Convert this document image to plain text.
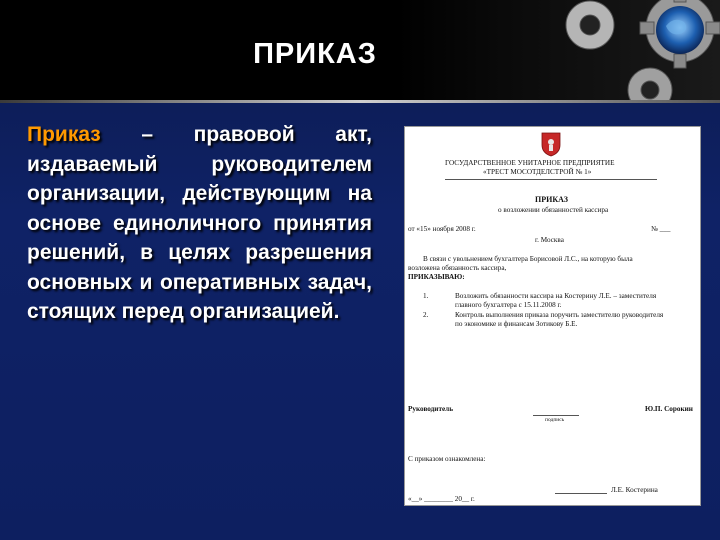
ПРИКАЗ
Приказ – правовой акт, издаваемый руководителем организации, действующим на основе единоличного принятия решений, в целях разрешения основных и оперативных задач, стоящих перед организацией.
ГОСУДАРСТВЕННОЕ УНИТАРНОЕ ПРЕДПРИЯТИЕ
«ТРЕСТ МОСОТДЕЛСТРОЙ № 1»
ПРИКАЗ
о возложении обязанностей кассира
от «15» ноября 2008 г.	№ ___
г. Москва
В связи с увольнением бухгалтера Борисовой Л.С., на которую была
возложена обязанность кассира,
ПРИКАЗЫВАЮ:
1.	Возложить обязанности кассира на Костерину Л.Е. – заместителя
главного бухгалтера с 15.11.2008 г.
2.	Контроль выполнения приказа поручить заместителю руководителя
по экономике и финансам Зотикову Б.Е.
Руководитель
подпись
Ю.П. Сорокин
С приказом ознакомлена:
Л.Е. Костерина
«__» ________ 20__ г.
